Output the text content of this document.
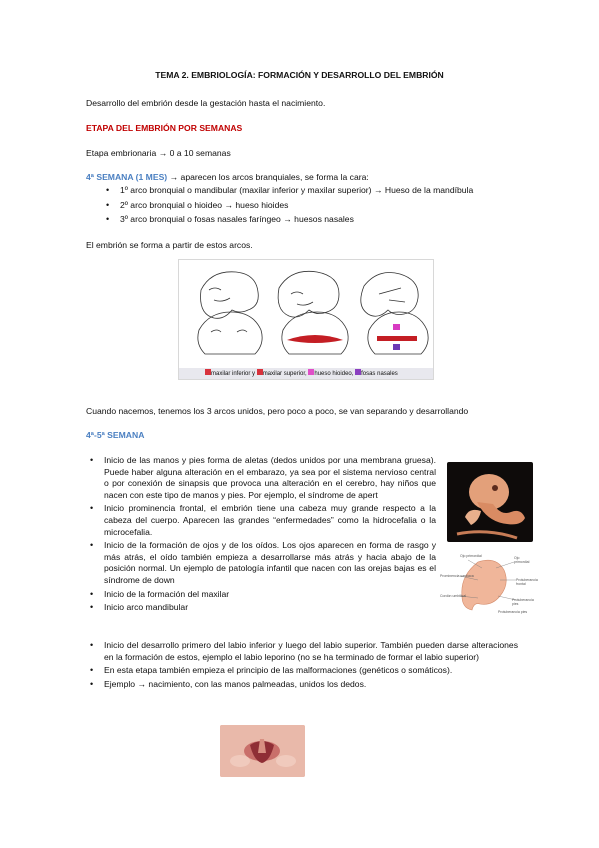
TEMA 2. EMBRIOLOGÍA: FORMACIÓN Y DESARROLLO DEL EMBRIÓN
Desarrollo del embrión desde la gestación hasta el nacimiento.
ETAPA DEL EMBRIÓN POR SEMANAS
Etapa embrionaria → 0 a 10 semanas
4ª SEMANA (1 MES) → aparecen los arcos branquiales, se forma la cara:
• 1º arco bronquial o mandibular (maxilar inferior y maxilar superior) → Hueso de la mandíbula
• 2º arco bronquial o hioideo → hueso hioides
• 3º arco bronquial o fosas nasales faríngeo → huesos nasales
El embrión se forma a partir de estos arcos.
maxilar inferior y maxilar superior, hueso hioideo, fosas nasales
Cuando nacemos, tenemos los 3 arcos unidos, pero poco a poco, se van separando y desarrollando
4ª-5ª SEMANA
• Inicio de las manos y pies forma de aletas (dedos unidos por una membrana gruesa). Puede haber alguna alteración en el embarazo, ya sea por el sistema nervioso central o por conexión de sinapsis que provoca una alteración en el cerebro, hay niños que nacen con este tipo de manos y pies. Por ejemplo, el síndrome de apert
• Inicio prominencia frontal, el embrión tiene una cabeza muy grande respecto a la cabeza del cuerpo. Aparecen las grandes “enfermedades” como la hidrocefalia o la microcefalia.
• Inicio de la formación de ojos y de los oídos. Los ojos aparecen en forma de rasgo y más atrás, el oído también empieza a desarrollarse más atrás y hacia abajo de la posición normal. Un ejemplo de patología infantil que nacen con las orejas bajas es el síndrome de down
• Inicio de la formación del maxilar
• Inicio arco mandibular
• Inicio del desarrollo primero del labio inferior y luego del labio superior. También pueden darse alteraciones en la formación de estos, ejemplo el labio leporino (no se ha terminado de formar el labio superior)
• En esta etapa también empieza el principio de las malformaciones (genéticos o somáticos).
• Ejemplo → nacimiento, con las manos palmeadas, unidos los dedos.
Ojo primordial	Ojo primordial
Prominencia cardiaca
Protuberancia frontal
Cordón umbilical
Protuberancia pies
Protuberancia pies
